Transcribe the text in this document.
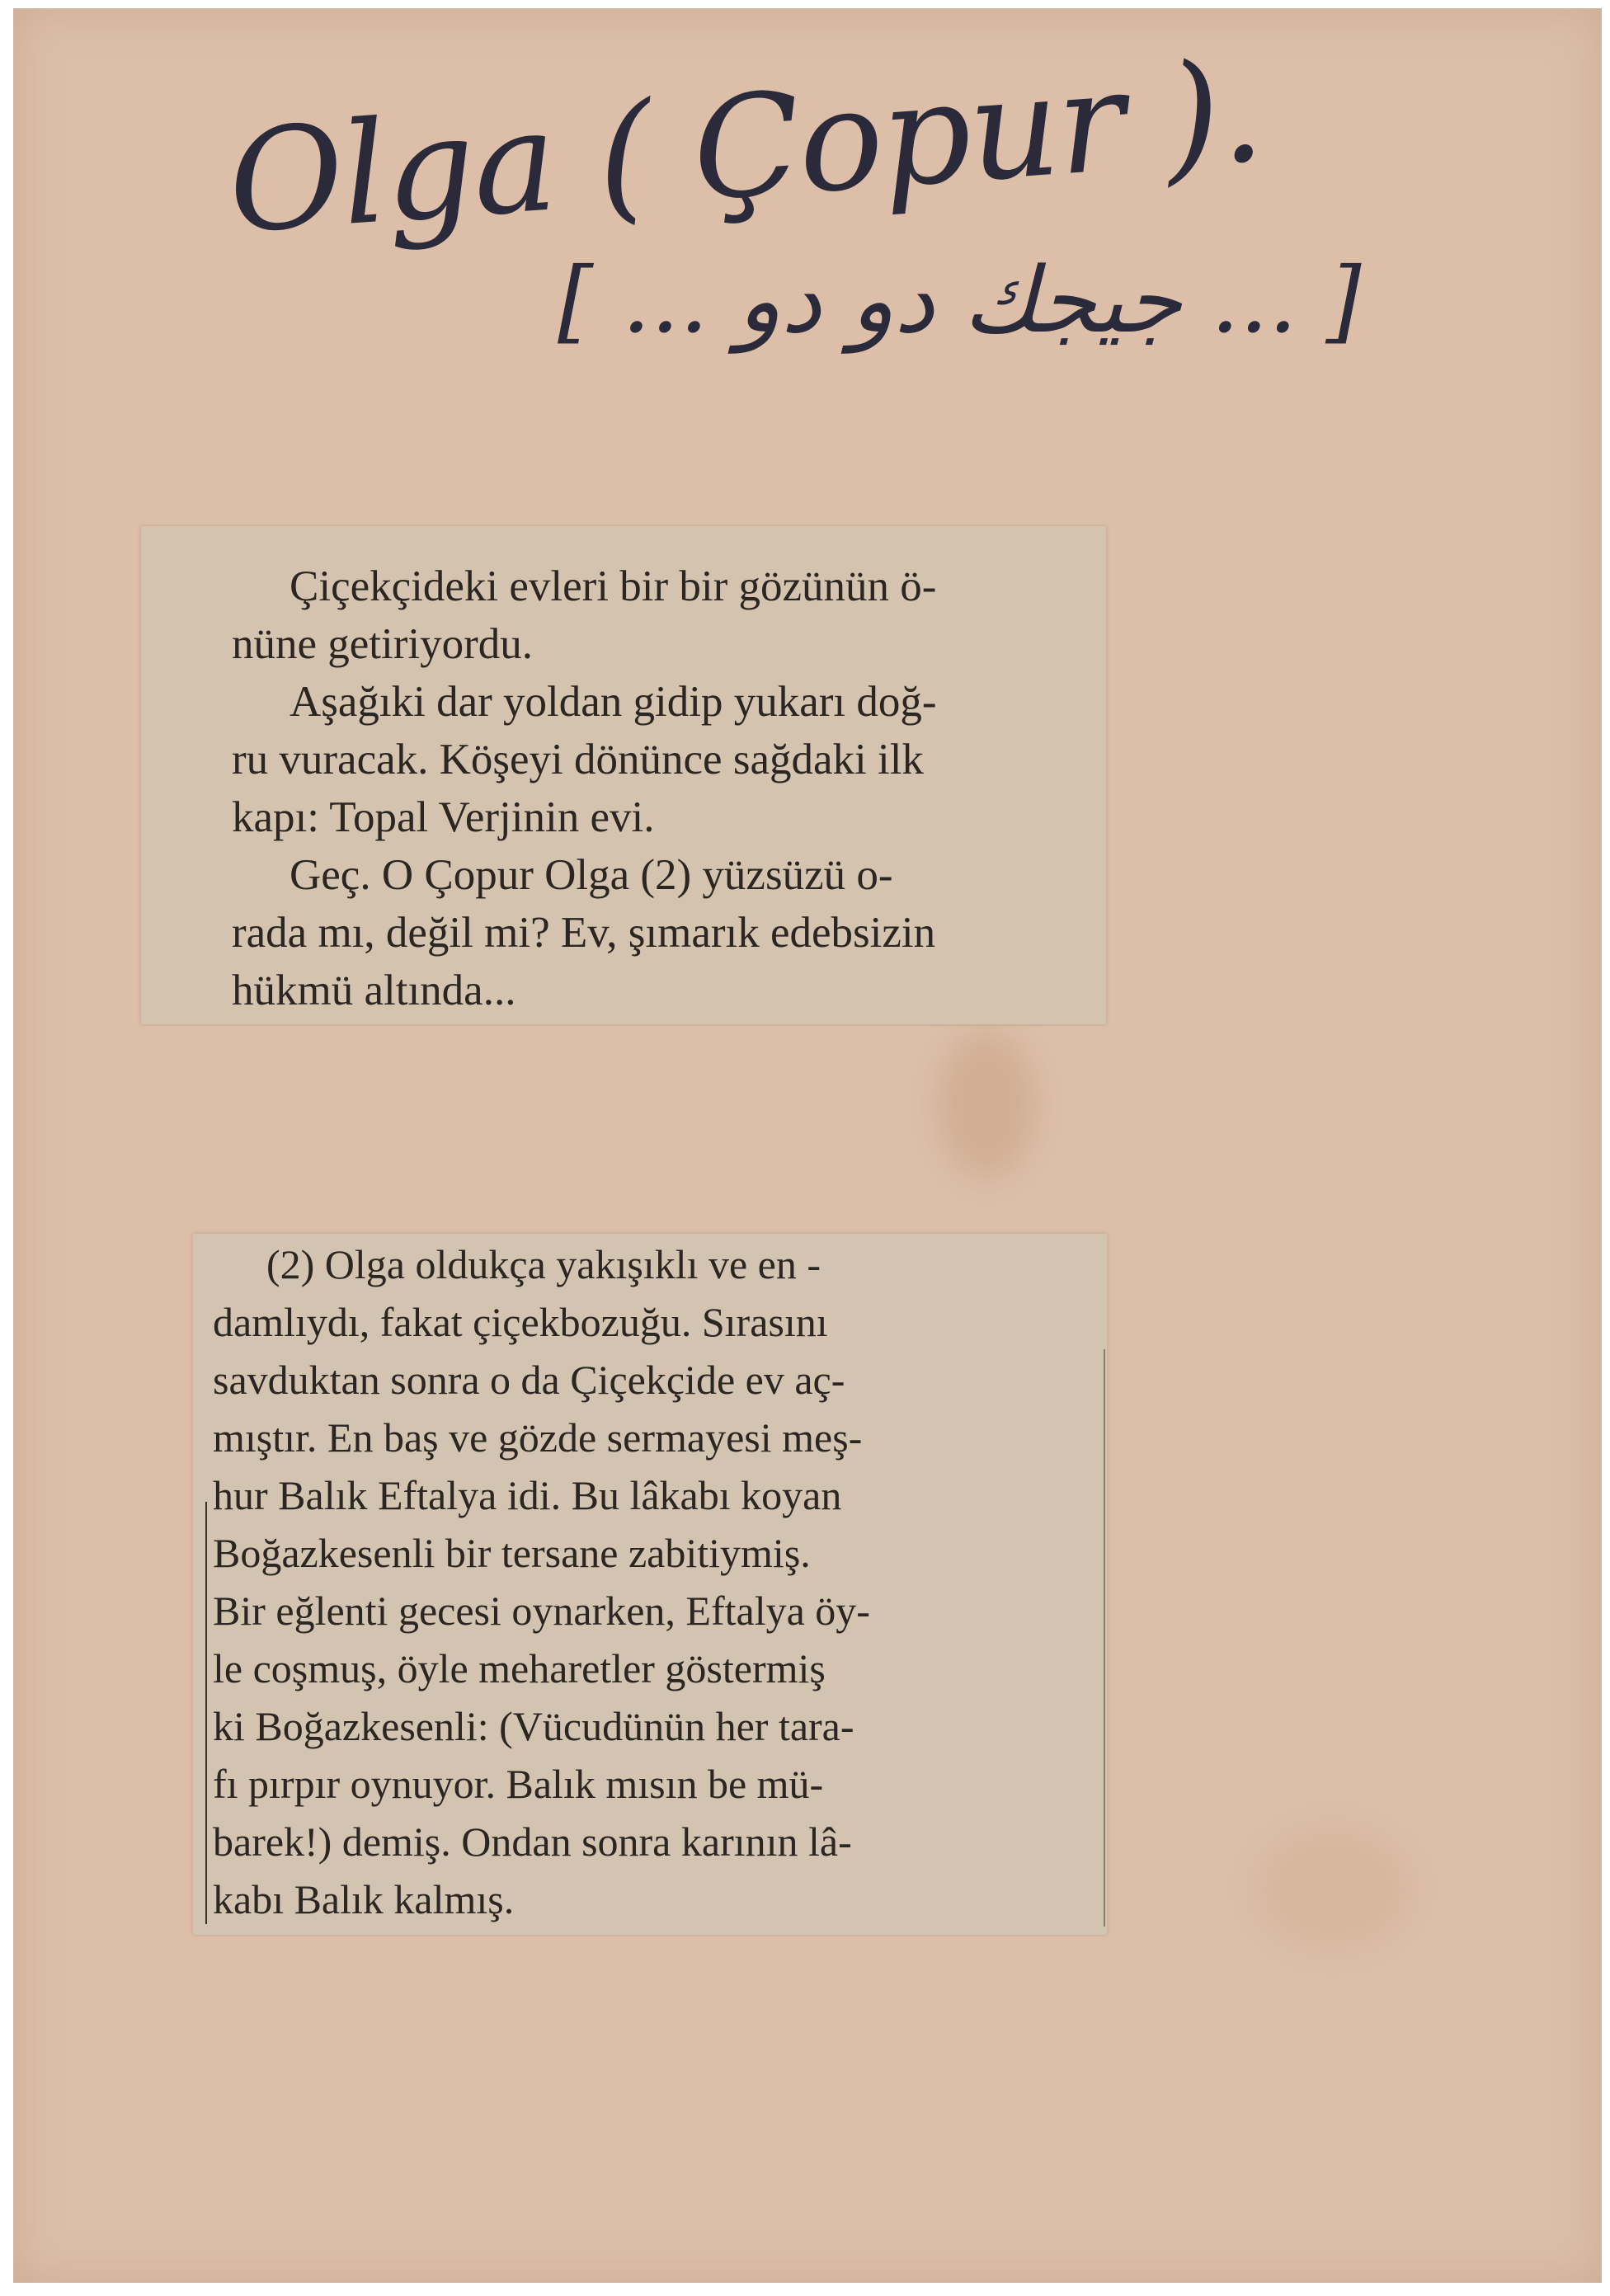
Olga ( Çopur ).
[ ... جيجك دو دو ... ]
Çiçekçideki evleri bir bir gözünün ö-
nüne getiriyordu.
Aşağıki dar yoldan gidip yukarı doğ-
ru vuracak. Köşeyi dönünce sağdaki ilk
kapı: Topal Verjinin evi.
Geç. O Çopur Olga (2) yüzsüzü o-
rada mı, değil mi? Ev, şımarık edebsizin
hükmü altında...
(2) Olga oldukça yakışıklı ve en -
damlıydı, fakat çiçekbozuğu. Sırasını
savduktan sonra o da Çiçekçide ev aç-
mıştır. En baş ve gözde sermayesi meş-
hur Balık Eftalya idi. Bu lâkabı koyan
Boğazkesenli bir tersane zabitiymiş.
Bir eğlenti gecesi oynarken, Eftalya öy-
le coşmuş, öyle meharetler göstermiş
ki Boğazkesenli: (Vücudünün her tara-
fı pırpır oynuyor. Balık mısın be mü-
barek!) demiş. Ondan sonra karının lâ-
kabı Balık kalmış.
